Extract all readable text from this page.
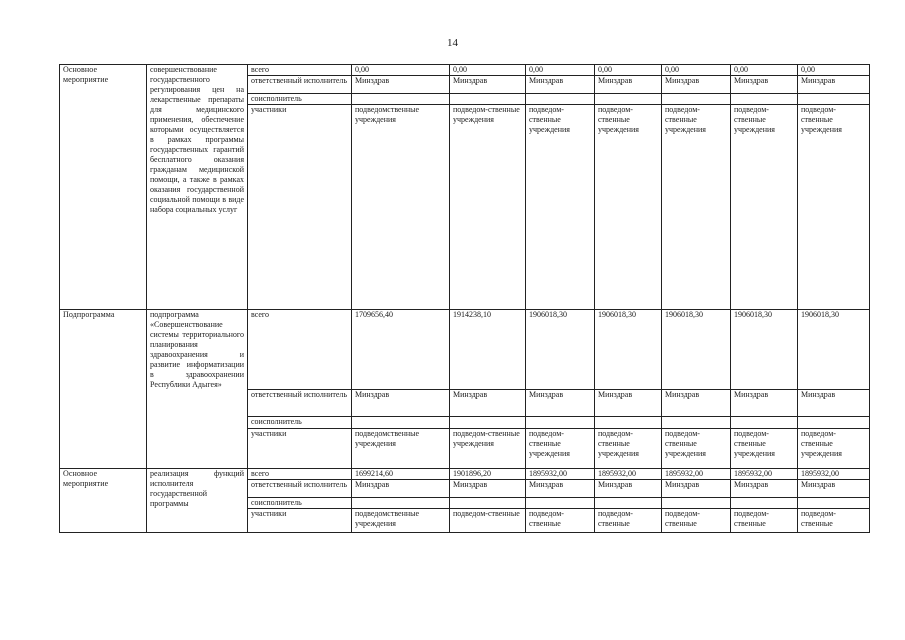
14
Основное мероприятие	совершенствование государственного регулирования цен на лекарственные препараты для медицинского применения, обеспечение которыми осуществляется в рамках программы государственных гарантий бесплатного оказания гражданам медицинской помощи, а также в рамках оказания государственной социальной помощи в виде набора социальных услуг	всего	0,00	0,00	0,00	0,00	0,00	0,00	0,00
		ответственный исполнитель	Минздрав	Минздрав	Минздрав	Минздрав	Минздрав	Минздрав	Минздрав
		соисполнитель							
		участники	подведомственные учреждения	подведом-ственные учреждения	подведом-ственные учреждения	подведом-ственные учреждения	подведом-ственные учреждения	подведом-ственные учреждения	подведом-ственные учреждения
Подпрограмма	подпрограмма «Совершенствование системы территориального планирования здравоохранения и развитие информатизации в здравоохранении Республики Адыгея»	всего	1709656,40	1914238,10	1906018,30	1906018,30	1906018,30	1906018,30	1906018,30
		ответственный исполнитель	Минздрав	Минздрав	Минздрав	Минздрав	Минздрав	Минздрав	Минздрав
		соисполнитель							
		участники	подведомственные учреждения	подведом-ственные учреждения	подведом-ственные учреждения	подведом-ственные учреждения	подведом-ственные учреждения	подведом-ственные учреждения	подведом-ственные учреждения
Основное мероприятие	реализация функций исполнителя государственной программы	всего	1699214,60	1901896,20	1895932,00	1895932,00	1895932,00	1895932,00	1895932,00
		ответственный исполнитель	Минздрав	Минздрав	Минздрав	Минздрав	Минздрав	Минздрав	Минздрав
		соисполнитель							
		участники	подведомственные учреждения	подведом-ственные	подведом-ственные	подведом-ственные	подведом-ственные	подведом-ственные	подведом-ственные
